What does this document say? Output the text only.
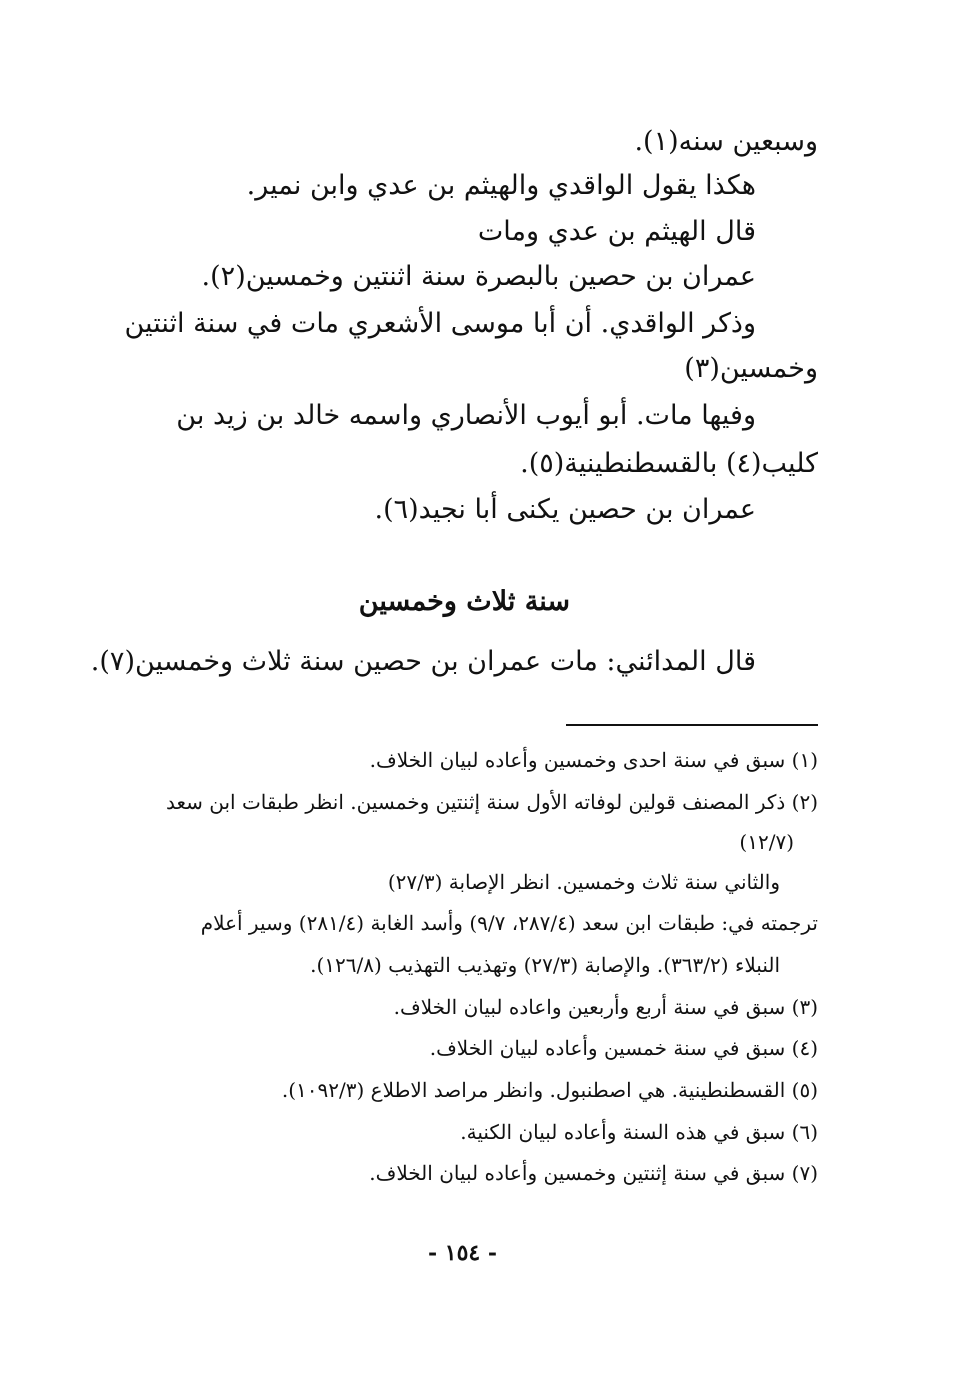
وسبعين سنه(١).
هكذا يقول الواقدي والهيثم بن عدي وابن نمير.
قال الهيثم بن عدي ومات
عمران بن حصين بالبصرة سنة اثنتين وخمسين(٢).
وذكر الواقدي. أن أبا موسى الأشعري مات في سنة اثنتين
وخمسين(٣)
وفيها مات. أبو أيوب الأنصاري واسمه خالد بن زيد بن
كليب(٤) بالقسطنطينية(٥).
عمران بن حصين يكنى أبا نجيد(٦).
سنة ثلاث وخمسين
قال المدائني: مات عمران بن حصين سنة ثلاث وخمسين(٧).
(١) سبق في سنة احدى وخمسين وأعاده لبيان الخلاف.
(٢) ذكر المصنف قولين لوفاته الأول سنة إثنتين وخمسين. انظر طبقات ابن سعد
(١٢/٧)
والثاني سنة ثلاث وخمسين. انظر الإصابة (٢٧/٣)
ترجمته في: طبقات ابن سعد (٢٨٧/٤، ٩/٧) وأسد الغابة (٢٨١/٤) وسير أعلام
النبلاء (٣٦٣/٢). والإصابة (٢٧/٣) وتهذيب التهذيب (١٢٦/٨).
(٣) سبق في سنة أربع وأربعين واعاده لبيان الخلاف.
(٤) سبق في سنة خمسين وأعاده لبيان الخلاف.
(٥) القسطنطينية. هي اصطنبول. وانظر مراصد الاطلاع (١٠٩٢/٣).
(٦) سبق في هذه السنة وأعاده لبيان الكنية.
(٧) سبق في سنة إثنتين وخمسين وأعاده لبيان الخلاف.
- ١٥٤ -
